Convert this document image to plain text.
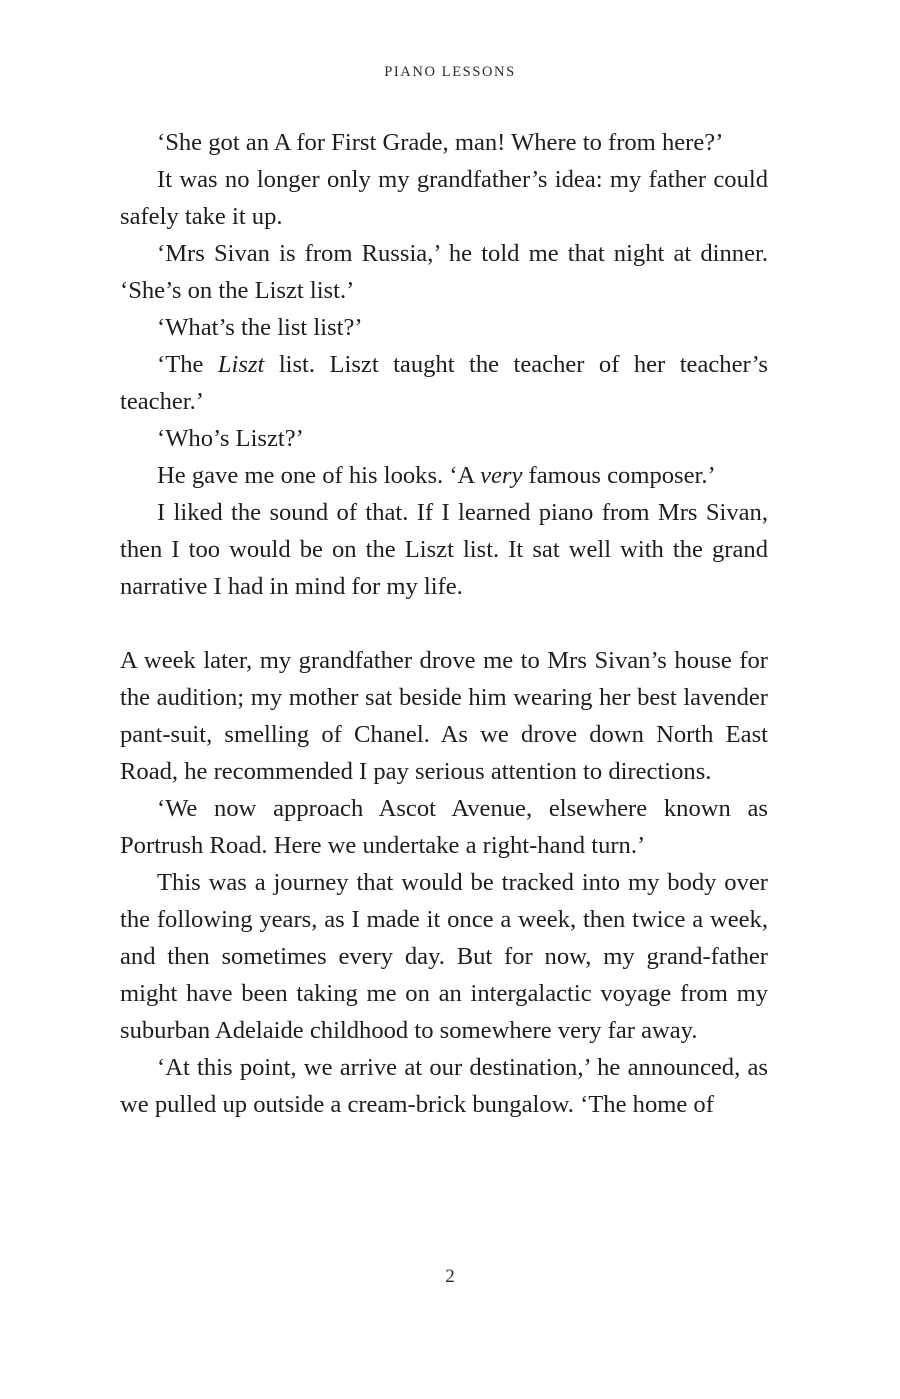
PIANO LESSONS

‘She got an A for First Grade, man! Where to from here?’

It was no longer only my grandfather’s idea: my father could safely take it up.

‘Mrs Sivan is from Russia,’ he told me that night at dinner. ‘She’s on the Liszt list.’

‘What’s the list list?’

‘The Liszt list. Liszt taught the teacher of her teacher’s teacher.’

‘Who’s Liszt?’

He gave me one of his looks. ‘A very famous composer.’

I liked the sound of that. If I learned piano from Mrs Sivan, then I too would be on the Liszt list. It sat well with the grand narrative I had in mind for my life.

A week later, my grandfather drove me to Mrs Sivan’s house for the audition; my mother sat beside him wearing her best lavender pant-suit, smelling of Chanel. As we drove down North East Road, he recommended I pay serious attention to directions.

‘We now approach Ascot Avenue, elsewhere known as Portrush Road. Here we undertake a right-hand turn.’

This was a journey that would be tracked into my body over the following years, as I made it once a week, then twice a week, and then sometimes every day. But for now, my grand-father might have been taking me on an intergalactic voyage from my suburban Adelaide childhood to somewhere very far away.

‘At this point, we arrive at our destination,’ he announced, as we pulled up outside a cream-brick bungalow. ‘The home of

2
